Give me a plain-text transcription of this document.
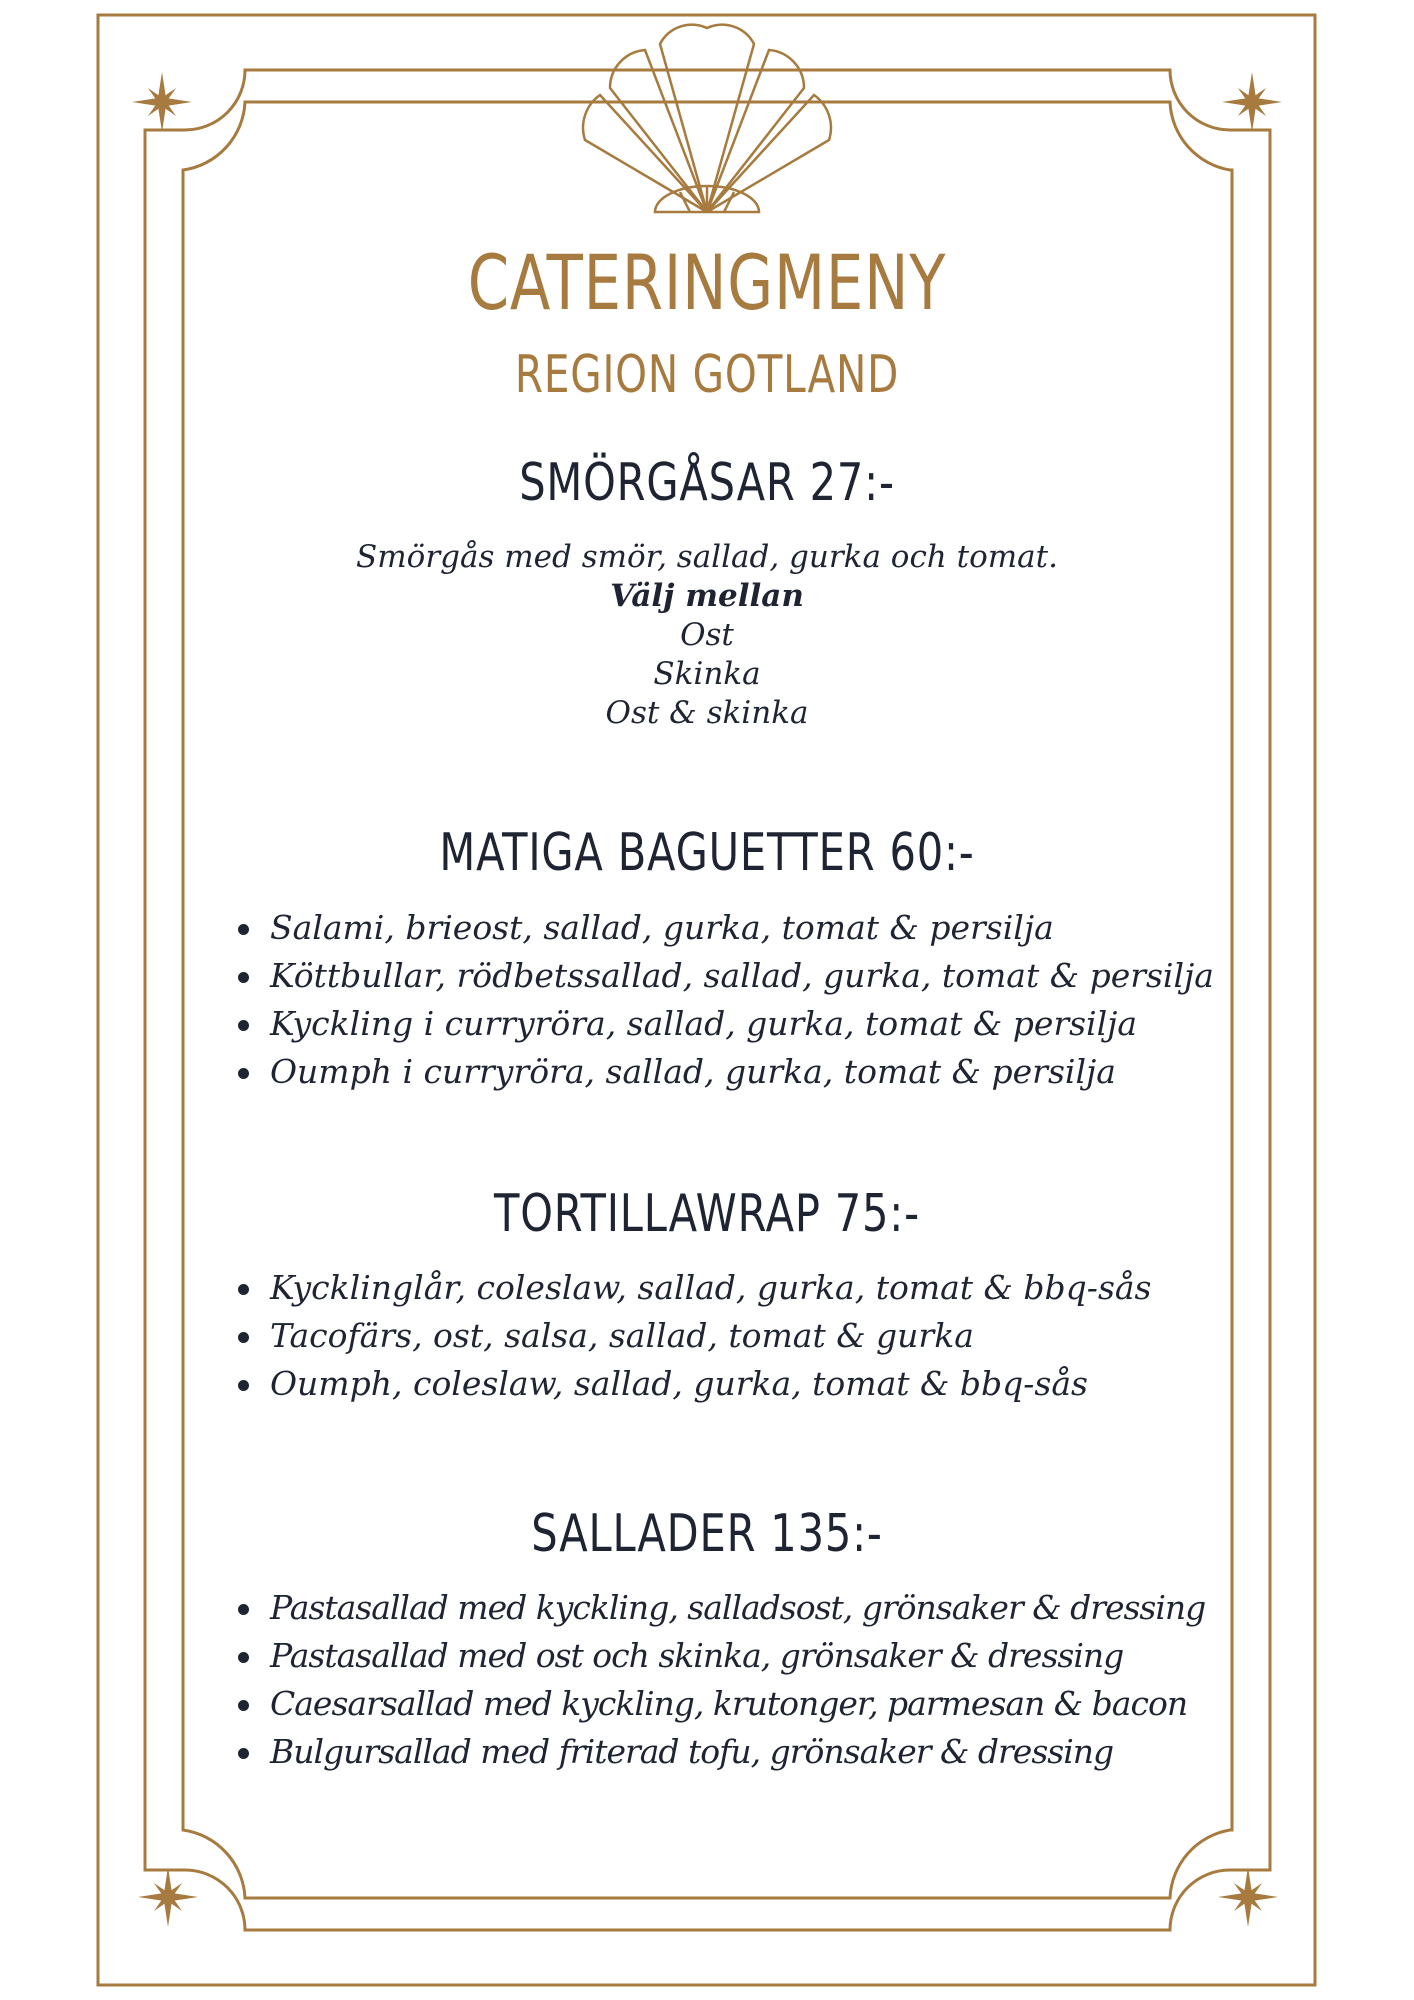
CATERINGMENY
REGION GOTLAND
SMÖRGÅSAR 27:-
Smörgås med smör, sallad, gurka och tomat.
Välj mellan
Ost
Skinka
Ost & skinka
MATIGA BAGUETTER 60:-
Salami, brieost, sallad, gurka, tomat & persilja
Köttbullar, rödbetssallad, sallad, gurka, tomat & persilja
Kyckling i curryröra, sallad, gurka, tomat & persilja
Oumph i curryröra, sallad, gurka, tomat & persilja
TORTILLAWRAP 75:-
Kycklinglår, coleslaw, sallad, gurka, tomat & bbq-sås
Tacofärs, ost, salsa, sallad, tomat & gurka
Oumph, coleslaw, sallad, gurka, tomat & bbq-sås
SALLADER 135:-
Pastasallad med kyckling, salladsost, grönsaker & dressing
Pastasallad med ost och skinka, grönsaker & dressing
Caesarsallad med kyckling, krutonger, parmesan & bacon
Bulgursallad med friterad tofu, grönsaker & dressing
